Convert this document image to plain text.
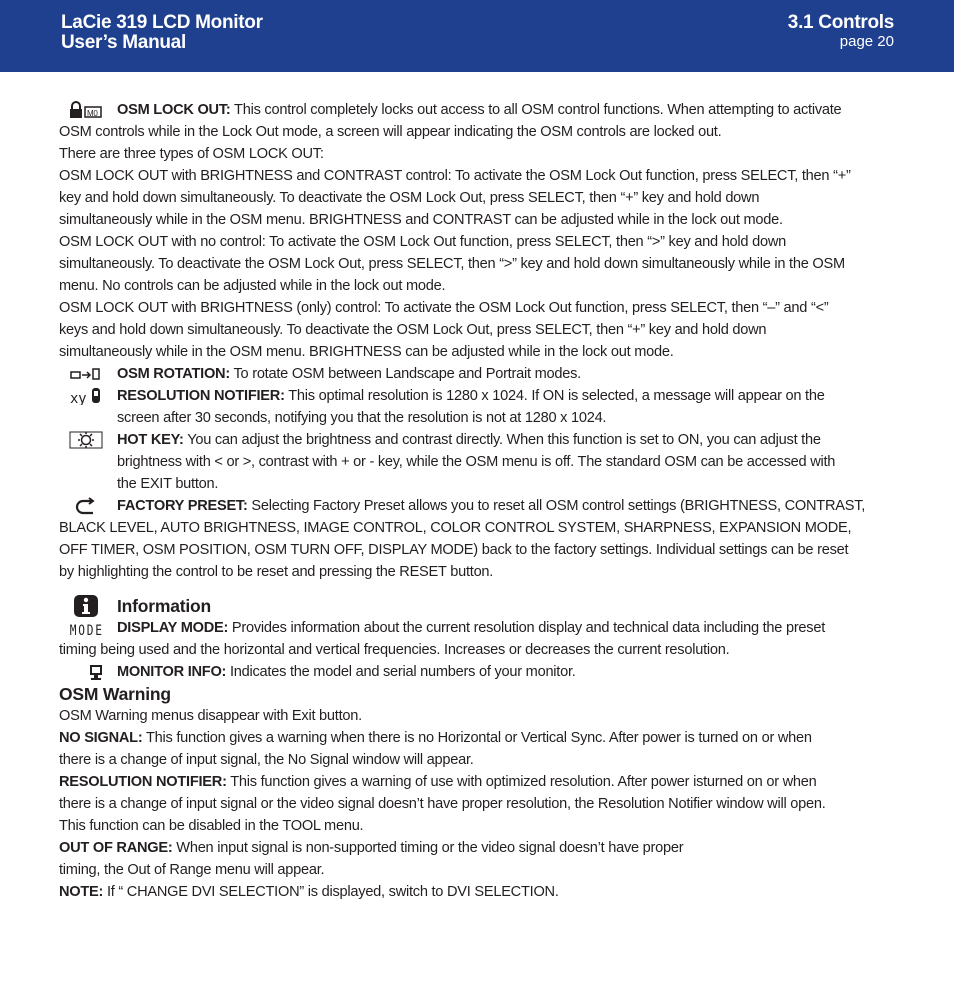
LaCie 319 LCD Monitor
User’s Manual
3.1 Controls
page 20
M0 OSM LOCK OUT: This control completely locks out access to all OSM control functions. When attempting to activate
OSM controls while in the Lock Out mode, a screen will appear indicating the OSM controls are locked out.
There are three types of OSM LOCK OUT:
OSM LOCK OUT with BRIGHTNESS and CONTRAST control: To activate the OSM Lock Out function, press SELECT, then “+”
key and hold down simultaneously. To deactivate the OSM Lock Out, press SELECT, then “+” key and hold down
simultaneously while in the OSM menu. BRIGHTNESS and CONTRAST can be adjusted while in the lock out mode.
OSM LOCK OUT with no control: To activate the OSM Lock Out function, press SELECT, then “>” key and hold down
simultaneously. To deactivate the OSM Lock Out, press SELECT, then “>” key and hold down simultaneously while in the OSM
menu. No controls can be adjusted while in the lock out mode.
OSM LOCK OUT with BRIGHTNESS (only) control: To activate the OSM Lock Out function, press SELECT, then “–” and “<”
keys and hold down simultaneously. To deactivate the OSM Lock Out, press SELECT, then “+” key and hold down
simultaneously while in the OSM menu. BRIGHTNESS can be adjusted while in the lock out mode.
OSM ROTATION: To rotate OSM between Landscape and Portrait modes.
xy RESOLUTION NOTIFIER: This optimal resolution is 1280 x 1024. If ON is selected, a message will appear on the
screen after 30 seconds, notifying you that the resolution is not at 1280 x 1024.
HOT KEY: You can adjust the brightness and contrast directly. When this function is set to ON, you can adjust the
brightness with < or >, contrast with + or - key, while the OSM menu is off. The standard OSM can be accessed with
the EXIT button.
FACTORY PRESET: Selecting Factory Preset allows you to reset all OSM control settings (BRIGHTNESS, CONTRAST,
BLACK LEVEL, AUTO BRIGHTNESS, IMAGE CONTROL, COLOR CONTROL SYSTEM, SHARPNESS, EXPANSION MODE,
OFF TIMER, OSM POSITION, OSM TURN OFF, DISPLAY MODE) back to the factory settings. Individual settings can be reset
by highlighting the control to be reset and pressing the RESET button.
Information
MODE DISPLAY MODE: Provides information about the current resolution display and technical data including the preset
timing being used and the horizontal and vertical frequencies. Increases or decreases the current resolution.
MONITOR INFO: Indicates the model and serial numbers of your monitor.
OSM Warning
OSM Warning menus disappear with Exit button.
NO SIGNAL: This function gives a warning when there is no Horizontal or Vertical Sync. After power is turned on or when
there is a change of input signal, the No Signal window will appear.
RESOLUTION NOTIFIER: This function gives a warning of use with optimized resolution. After power isturned on or when
there is a change of input signal or the video signal doesn’t have proper resolution, the Resolution Notifier window will open.
This function can be disabled in the TOOL menu.
OUT OF RANGE: When input signal is non-supported timing or the video signal doesn’t have proper
timing, the Out of Range menu will appear.
NOTE: If “ CHANGE DVI SELECTION” is displayed, switch to DVI SELECTION.
